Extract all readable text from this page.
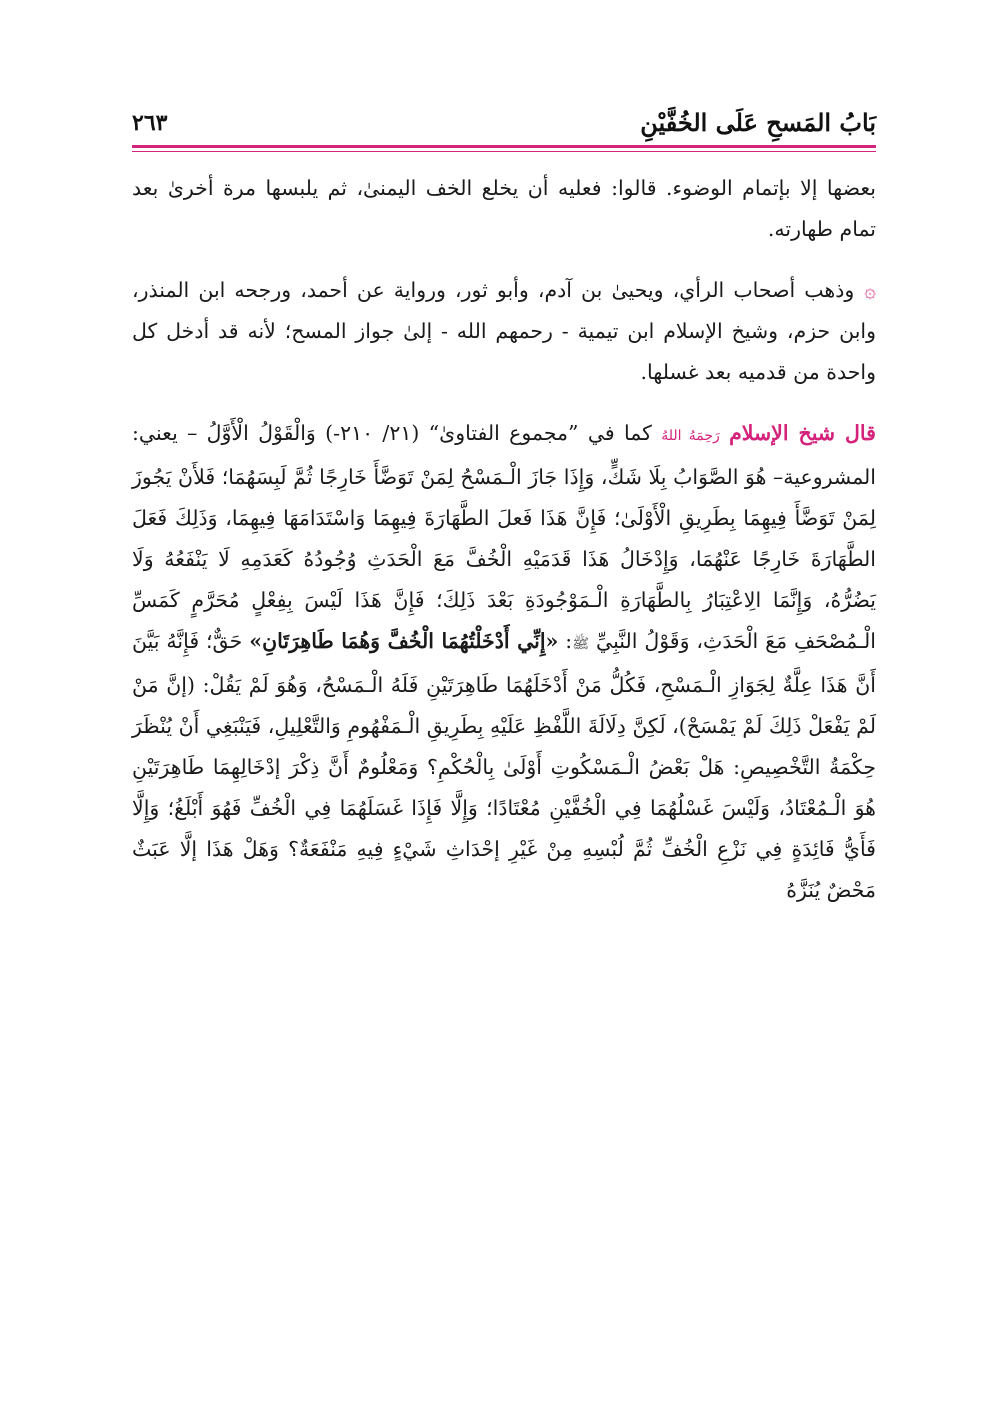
بَابُ المَسحِ عَلَى الخُفَّيْنِ
٢٦٣

بعضها إلا بإتمام الوضوء. قالوا: فعليه أن يخلع الخف اليمنىٰ، ثم يلبسها مرة أخرىٰ بعد تمام طهارته.

۞وذهب أصحاب الرأي، ويحيىٰ بن آدم، وأبو ثور، ورواية عن أحمد، ورجحه ابن المنذر، وابن حزم، وشيخ الإسلام ابن تيمية - رحمهم الله - إلىٰ جواز المسح؛ لأنه قد أدخل كل واحدة من قدميه بعد غسلها.

قال شيخ الإسلام رَحِمَهُ اللهُ كما في ”مجموع الفتاوىٰ“ (٢١/ ٢١٠-) وَالْقَوْلُ الْأَوَّلُ – يعني: المشروعية– هُوَ الصَّوَابُ بِلَا شَكٍّ، وَإِذَا جَازَ الْـمَسْحُ لِمَنْ تَوَضَّأَ خَارِجًا ثُمَّ لَبِسَهُمَا؛ فَلأَنْ يَجُوزَ لِمَنْ تَوَضَّأَ فِيهِمَا بِطَرِيقِ الْأَوْلَىٰ؛ فَإِنَّ هَذَا فَعلَ الطَّهَارَةَ فِيهِمَا وَاسْتَدَامَهَا فِيهِمَا، وَذَلِكَ فَعَلَ الطَّهَارَةَ خَارِجًا عَنْهُمَا، وَإِدْخَالُ هَذَا قَدَمَيْهِ الْخُفَّ مَعَ الْحَدَثِ وُجُودُهُ كَعَدَمِهِ لَا يَنْفَعُهُ وَلَا يَضُرُّهُ، وَإِنَّمَا الِاعْتِبَارُ بِالطَّهَارَةِ الْـمَوْجُودَةِ بَعْدَ ذَلِكَ؛ فَإِنَّ هَذَا لَيْسَ بِفِعْلٍ مُحَرَّمٍ كَمَسِّ الْـمُصْحَفِ مَعَ الْحَدَثِ، وَقَوْلُ النَّبِيِّ ﷺ: «إِنِّي أَدْخَلْتُهُمَا الْخُفَّ وَهُمَا طَاهِرَتَانِ» حَقٌّ؛ فَإِنَّهُ بَيَّنَ أَنَّ هَذَا عِلَّةٌ لِجَوَازِ الْـمَسْحِ، فَكُلُّ مَنْ أَدْخَلَهُمَا طَاهِرَتَيْنِ فَلَهُ الْـمَسْحُ، وَهُوَ لَمْ يَقُلْ: (إنَّ مَنْ لَمْ يَفْعَلْ ذَلِكَ لَمْ يَمْسَحْ)، لَكِنَّ دِلَالَةَ اللَّفْظِ عَلَيْهِ بِطَرِيقِ الْـمَفْهُومِ وَالتَّعْلِيلِ، فَيَنْبَغِي أَنْ يُنْظَرَ حِكْمَةُ التَّخْصِيصِ: هَلْ بَعْضُ الْـمَسْكُوتِ أَوْلَىٰ بِالْحُكْمِ؟ وَمَعْلُومٌ أَنَّ ذِكْرَ إدْخَالِهِمَا طَاهِرَتَيْنِ هُوَ الْـمُعْتَادُ، وَلَيْسَ غَسْلُهُمَا فِي الْخُفَّيْنِ مُعْتَادًا؛ وَإِلَّا فَإِذَا غَسَلَهُمَا فِي الْخُفِّ فَهُوَ أَبْلَغُ؛ وَإِلَّا فَأَيُّ فَائِدَةٍ فِي نَزْعِ الْخُفِّ ثُمَّ لُبْسِهِ مِنْ غَيْرِ إحْدَاثِ شَيْءٍ فِيهِ مَنْفَعَةٌ؟ وَهَلْ هَذَا إلَّا عَبَثٌ مَحْضٌ يُنَزَّهُ
